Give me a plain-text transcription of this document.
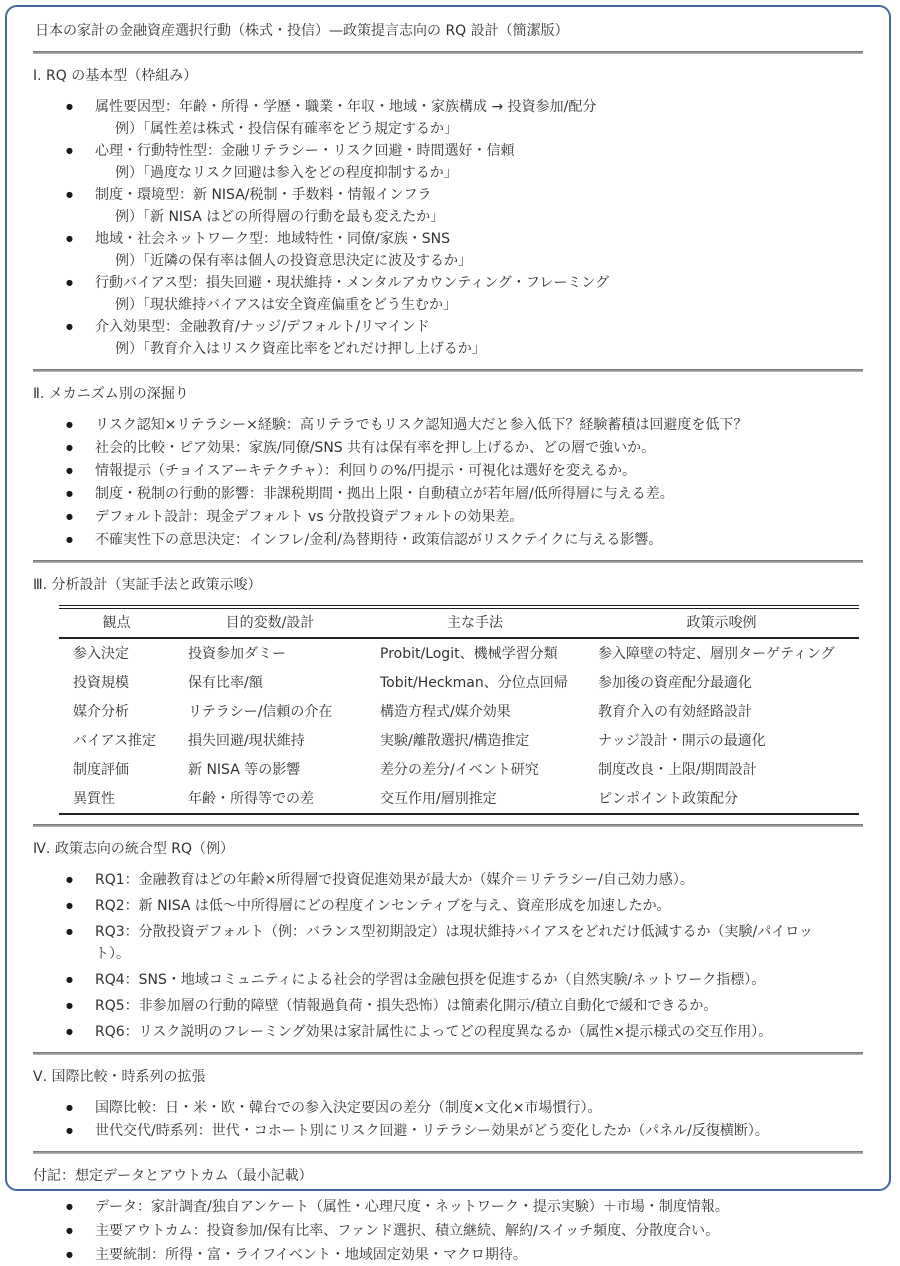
日本の家計の金融資産選択行動（株式・投信）—政策提言志向の RQ 設計（簡潔版）
Ⅰ. RQ の基本型（枠組み）
● 属性要因型：年齢・所得・学歴・職業・年収・地域・家族構成 → 投資参加/配分
例）「属性差は株式・投信保有確率をどう規定するか」
● 心理・行動特性型：金融リテラシー・リスク回避・時間選好・信頼
例）「過度なリスク回避は参入をどの程度抑制するか」
● 制度・環境型：新 NISA/税制・手数料・情報インフラ
例）「新 NISA はどの所得層の行動を最も変えたか」
● 地域・社会ネットワーク型：地域特性・同僚/家族・SNS
例）「近隣の保有率は個人の投資意思決定に波及するか」
● 行動バイアス型：損失回避・現状維持・メンタルアカウンティング・フレーミング
例）「現状維持バイアスは安全資産偏重をどう生むか」
● 介入効果型：金融教育/ナッジ/デフォルト/リマインド
例）「教育介入はリスク資産比率をどれだけ押し上げるか」
Ⅱ. メカニズム別の深掘り
● リスク認知×リテラシー×経験：高リテラでもリスク認知過大だと参入低下？経験蓄積は回避度を低下？
● 社会的比較・ピア効果：家族/同僚/SNS 共有は保有率を押し上げるか、どの層で強いか。
● 情報提示（チョイスアーキテクチャ）：利回りの%/円提示・可視化は選好を変えるか。
● 制度・税制の行動的影響：非課税期間・拠出上限・自動積立が若年層/低所得層に与える差。
● デフォルト設計：現金デフォルト vs 分散投資デフォルトの効果差。
● 不確実性下の意思決定：インフレ/金利/為替期待・政策信認がリスクテイクに与える影響。
Ⅲ. 分析設計（実証手法と政策示唆）
観点	目的変数/設計	主な手法	政策示唆例
参入決定	投資参加ダミー	Probit/Logit、機械学習分類	参入障壁の特定、層別ターゲティング
投資規模	保有比率/額	Tobit/Heckman、分位点回帰	参加後の資産配分最適化
媒介分析	リテラシー/信頼の介在	構造方程式/媒介効果	教育介入の有効経路設計
バイアス推定	損失回避/現状維持	実験/離散選択/構造推定	ナッジ設計・開示の最適化
制度評価	新 NISA 等の影響	差分の差分/イベント研究	制度改良・上限/期間設計
異質性	年齢・所得等での差	交互作用/層別推定	ピンポイント政策配分
Ⅳ. 政策志向の統合型 RQ（例）
● RQ1：金融教育はどの年齢×所得層で投資促進効果が最大か（媒介＝リテラシー/自己効力感）。
● RQ2：新 NISA は低〜中所得層にどの程度インセンティブを与え、資産形成を加速したか。
● RQ3：分散投資デフォルト（例：バランス型初期設定）は現状維持バイアスをどれだけ低減するか（実験/パイロット）。
● RQ4：SNS・地域コミュニティによる社会的学習は金融包摂を促進するか（自然実験/ネットワーク指標）。
● RQ5：非参加層の行動的障壁（情報過負荷・損失恐怖）は簡素化開示/積立自動化で緩和できるか。
● RQ6：リスク説明のフレーミング効果は家計属性によってどの程度異なるか（属性×提示様式の交互作用）。
Ⅴ. 国際比較・時系列の拡張
● 国際比較：日・米・欧・韓台での参入決定要因の差分（制度×文化×市場慣行）。
● 世代交代/時系列：世代・コホート別にリスク回避・リテラシー効果がどう変化したか（パネル/反復横断）。
付記：想定データとアウトカム（最小記載）
● データ：家計調査/独自アンケート（属性・心理尺度・ネットワーク・提示実験）＋市場・制度情報。
● 主要アウトカム：投資参加/保有比率、ファンド選択、積立継続、解約/スイッチ頻度、分散度合い。
● 主要統制：所得・富・ライフイベント・地域固定効果・マクロ期待。
